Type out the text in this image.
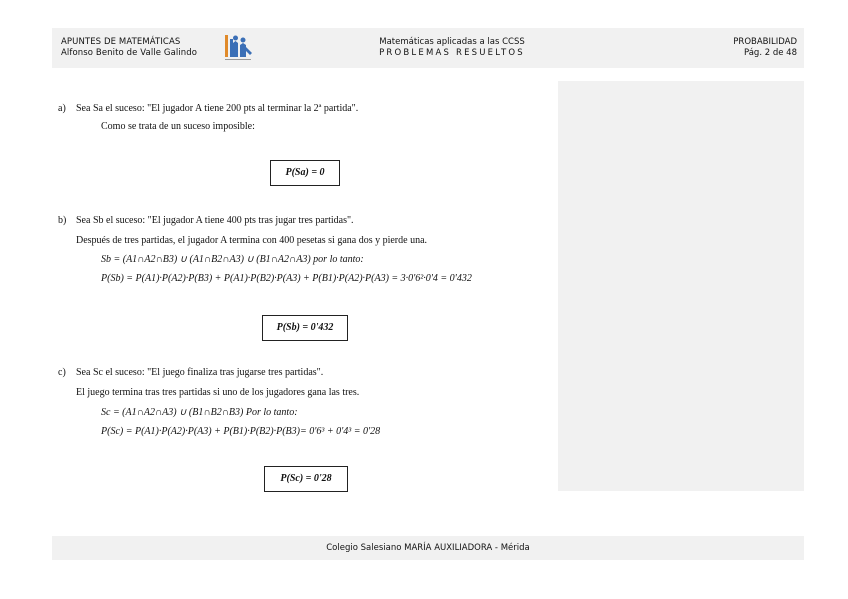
APUNTES DE MATEMÁTICAS
Alfonso Benito de Valle Galindo
Matemáticas aplicadas a las CCSS
PROBLEMAS RESUELTOS
PROBABILIDAD
Pág. 2 de 48
a) Sea Sa el suceso: "El jugador A tiene 200 pts al terminar la 2ª partida".
Como se trata de un suceso imposible:
P(Sa) = 0
b) Sea Sb el suceso: "El jugador A tiene 400 pts tras jugar tres partidas".
Después de tres partidas, el jugador A termina con 400 pesetas si gana dos y pierde una.
Sb = (A1∩A2∩B3) ∪ (A1∩B2∩A3) ∪ (B1∩A2∩A3) por lo tanto:
P(Sb) = P(A1)·P(A2)·P(B3) + P(A1)·P(B2)·P(A3) + P(B1)·P(A2)·P(A3) = 3·0'6²·0'4 = 0'432
P(Sb) = 0'432
c) Sea Sc el suceso: "El juego finaliza tras jugarse tres partidas".
El juego termina tras tres partidas si uno de los jugadores gana las tres.
Sc = (A1∩A2∩A3) ∪ (B1∩B2∩B3) Por lo tanto:
P(Sc) = P(A1)·P(A2)·P(A3) + P(B1)·P(B2)·P(B3)= 0'6³ + 0'4³ = 0'28
P(Sc) = 0'28
Colegio Salesiano MARÍA AUXILIADORA - Mérida
